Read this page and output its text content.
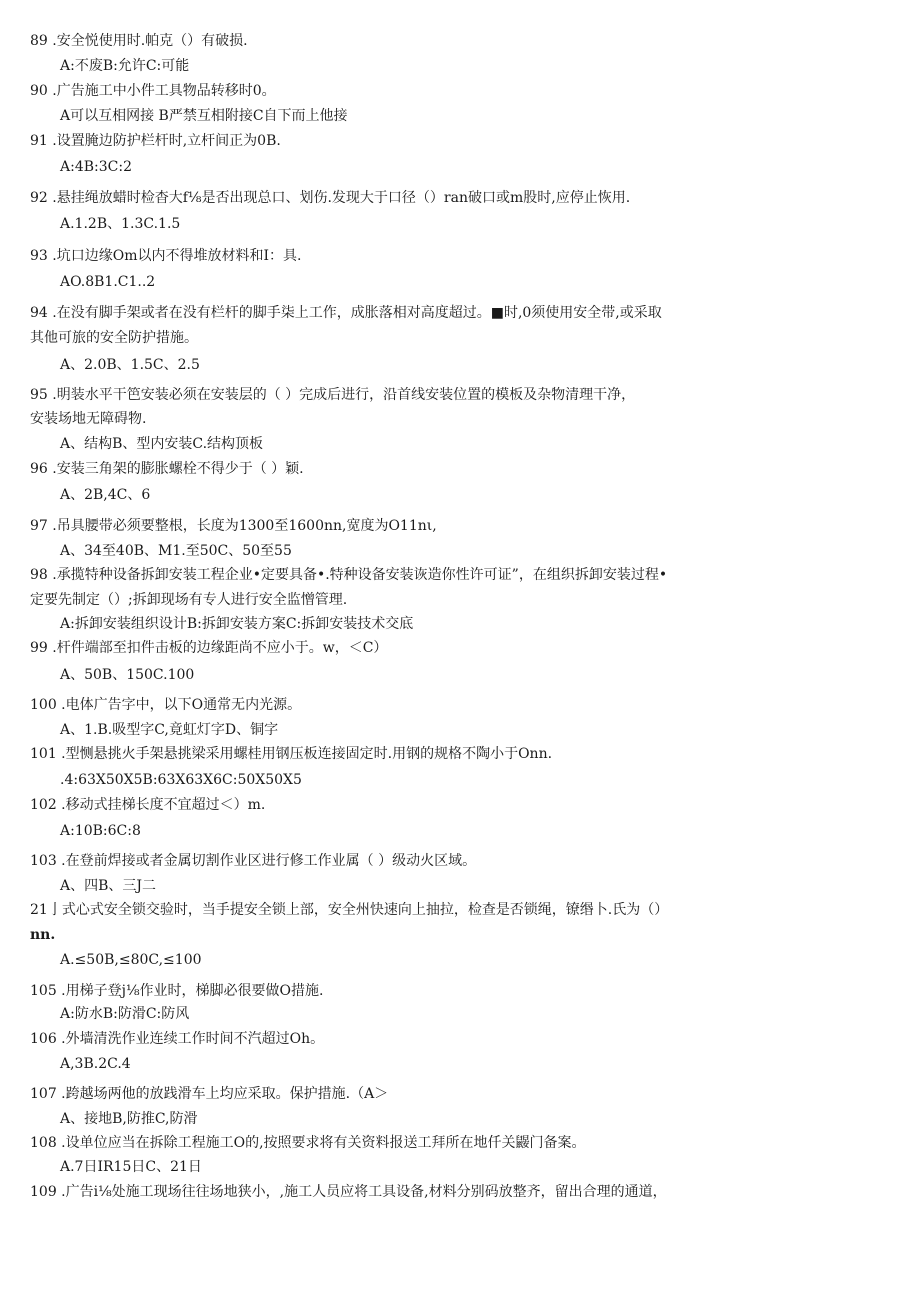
89 .安全悦使用时.帕克（）有破损.
A:不废B:允许C:可能
90 .广告施工中小件工具物品转移时0。
A可以互相网接 B严禁互相附接C自下而上他接
91 .设置腌边防护栏杆时,立杆间正为0B.
A:4B:3C:2
92 .悬挂绳放蜡时检杳大f⅛是否出现总口、划伤.发现大于口径（）ran破口或m股时,应停止恢用.
A.1.2B、1.3C.1.5
93 .坑口边缘Om以内不得堆放材料和I：具.
AO.8B1.C1..2
94 .在没有脚手架或者在没有栏杆的脚手柒上工作，成胀落相对高度超过。■时,0须使用安全带,或采取
其他可旅的安全防护措施。
A、2.0B、1.5C、2.5
95 .明装水平干笆安装必须在安装层的（ ）完成后进行，沿首线安装位置的模板及杂物清理干净，
安装场地无障碍物.
A、结构B、型内安装C.结构顶板
96 .安装三角架的膨胀螺栓不得少于（ ）颖.
A、2B,4C、6
97 .吊具腰带必须要整根，长度为1300至1600nn,宽度为O11nι,
A、34至40B、M1.至50C、50至55
98 .承揽特种设备拆卸安装工程企业•定要具备•.特种设备安装诙造你性许可证”，在组织拆卸安装过程•
定要先制定（）;拆卸现场有专人进行安全监憎管理.
A:拆卸安装组织设计B:拆卸安装方案C:拆卸安装技术交底
99 .杆件端部至扣件击板的边缘距尚不应小于。w，＜C）
A、50B、150C.100
100 .电体广告字中，以下O通常无内光源。
A、1.B.吸型字C,竟虹灯字D、铜字
101 .型恻悬挑火手架悬挑梁采用螺桂用钢压板连接固定时.用钢的规格不陶小于Onn.
.4:63X50X5B:63X63X6C:50X50X5
102 .移动式挂梯长度不宜超过＜）m.
A:10B:6C:8
103 .在登前焊接或者金属切割作业区进行修工作业属（ ）级动火区域。
A、四B、三J二
21亅式心式安全锁交验时，当手提安全锁上部，安全州快速向上抽拉，检查是否锁绳，镣缗卜.氏为（）
nn.
A.≤50B,≤80C,≤100
105 .用梯子登j⅛作业时，梯脚必很要做O措施.
A:防水B:防滑C:防风
106 .外墙清洗作业连续工作时间不汽超过Oh。
A,3B.2C.4
107 .跨越场两他的放践滑车上均应采取。保护措施.（A＞
A、接地B,防推C,防滑
108 .设单位应当在拆除工程施工O的,按照要求将有关资料报送工拜所在地仟关鼹门备案。
A.7日IR15日C、21日
109 .广告i⅛处施工现场往往场地狭小，,施工人员应将工具设备,材料分别码放整齐，留出合理的通道，
